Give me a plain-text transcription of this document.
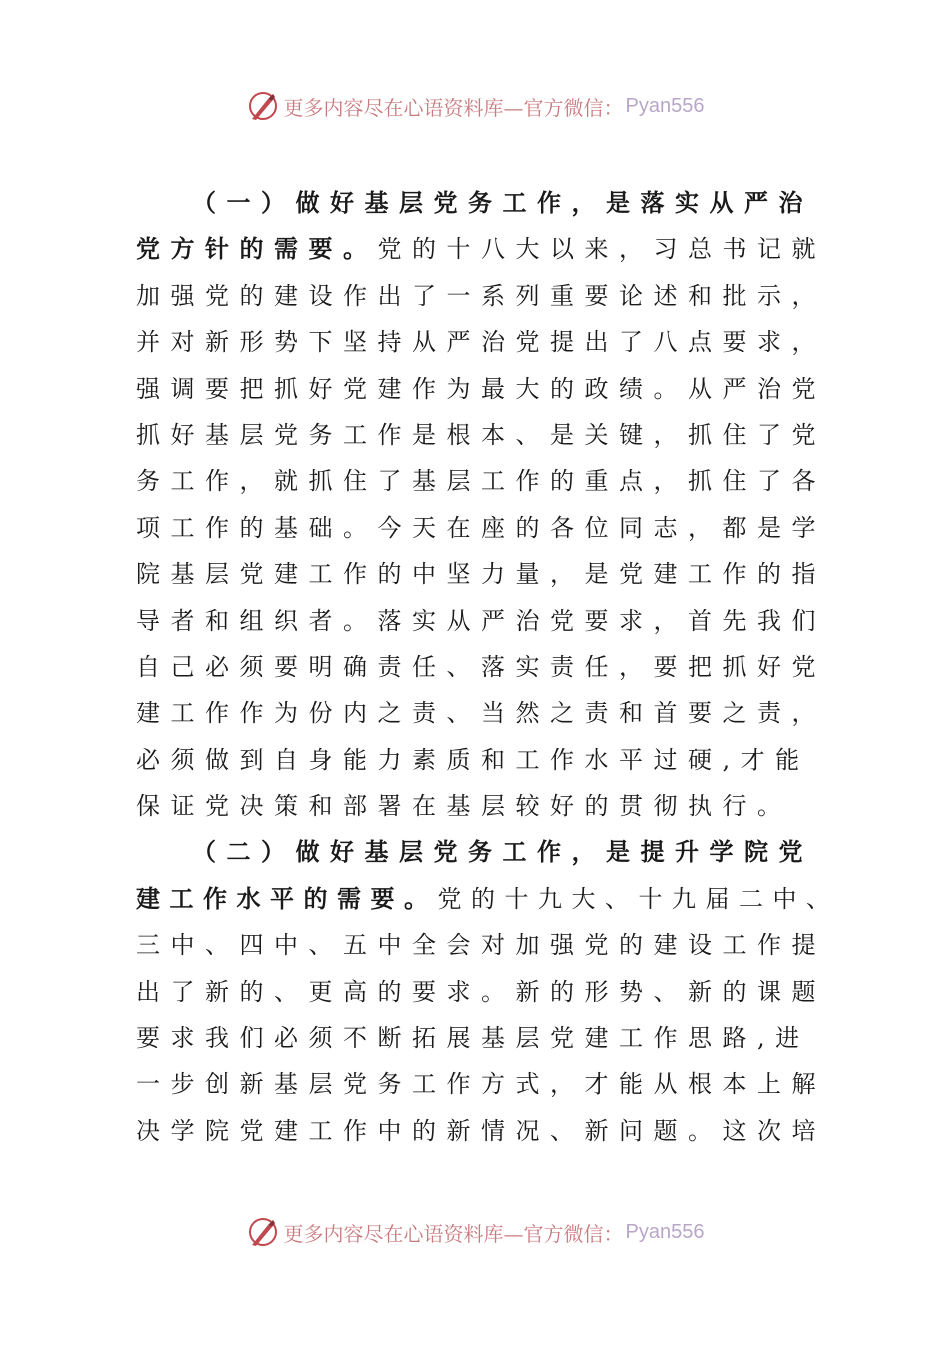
更多内容尽在心语资料库—官方微信： Pyan556
（一）做好基层党务工作，是落实从严治
党方针的需要。党的十八大以来，习总书记就
加强党的建设作出了一系列重要论述和批示，
并对新形势下坚持从严治党提出了八点要求，
强调要把抓好党建作为最大的政绩。从严治党
抓好基层党务工作是根本、是关键，抓住了党
务工作，就抓住了基层工作的重点，抓住了各
项工作的基础。今天在座的各位同志，都是学
院基层党建工作的中坚力量，是党建工作的指
导者和组织者。落实从严治党要求，首先我们
自己必须要明确责任、落实责任，要把抓好党
建工作作为份内之责、当然之责和首要之责，
必须做到自身能力素质和工作水平过硬,才能
保证党决策和部署在基层较好的贯彻执行。
（二）做好基层党务工作，是提升学院党
建工作水平的需要。党的十九大、十九届二中、
三中、四中、五中全会对加强党的建设工作提
出了新的、更高的要求。新的形势、新的课题
要求我们必须不断拓展基层党建工作思路,进
一步创新基层党务工作方式，才能从根本上解
决学院党建工作中的新情况、新问题。这次培
更多内容尽在心语资料库—官方微信： Pyan556
